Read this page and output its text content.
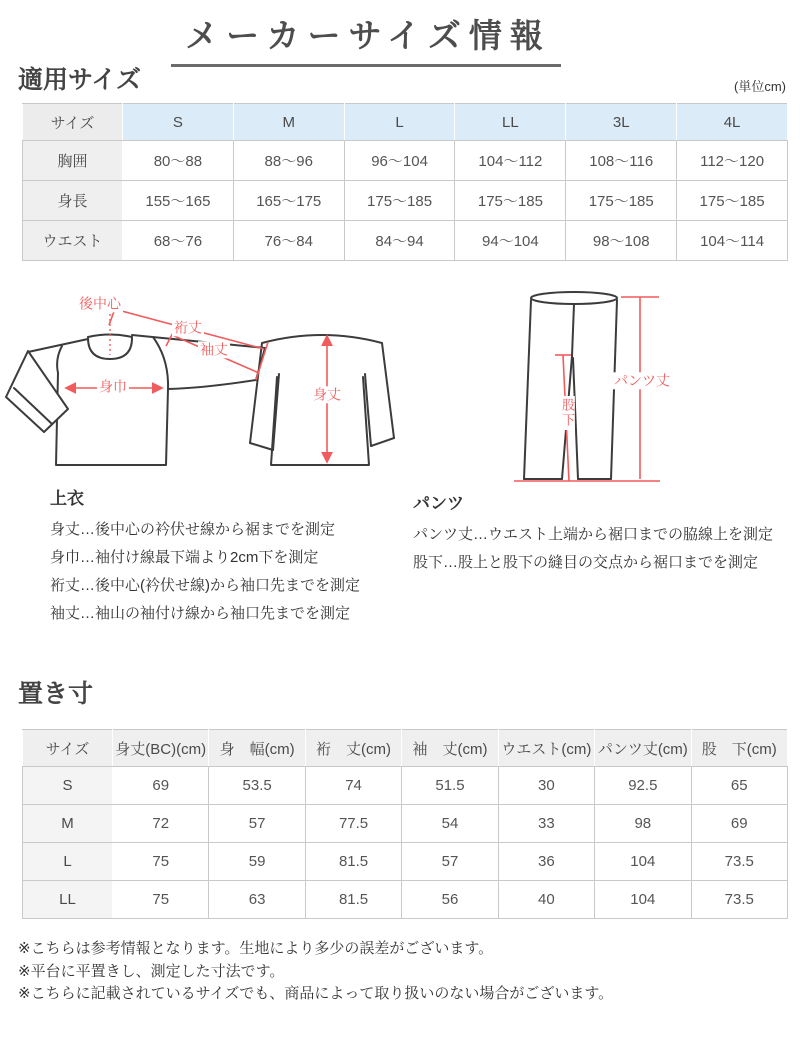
メーカーサイズ情報
適用サイズ	(単位cm)
サイズ	S	M	L	LL	3L	4L
胸囲	80〜88	88〜96	96〜104	104〜112	108〜116	112〜120
身長	155〜165	165〜175	175〜185	175〜185	175〜185	175〜185
ウエスト	68〜76	76〜84	84〜94	94〜104	98〜108	104〜114
後中心
裄丈
袖丈
身巾	身丈
パンツ丈
股下
上衣

身丈…後中心の衿伏せ線から裾までを測定

身巾…袖付け線最下端より2cm下を測定

裄丈…後中心(衿伏せ線)から袖口先までを測定

袖丈…袖山の袖付け線から袖口先までを測定

パンツ

パンツ丈…ウエスト上端から裾口までの脇線上を測定

股下…股上と股下の縫目の交点から裾口までを測定

置き寸
サイズ	身丈(BC)(cm)	身　幅(cm)	裄　丈(cm)	袖　丈(cm)	ウエスト(cm)	パンツ丈(cm)	股　下(cm)
S	69	53.5	74	51.5	30	92.5	65
M	72	57	77.5	54	33	98	69
L	75	59	81.5	57	36	104	73.5
LL	75	63	81.5	56	40	104	73.5
※こちらは参考情報となります。生地により多少の誤差がございます。
※平台に平置きし、測定した寸法です。
※こちらに記載されているサイズでも、商品によって取り扱いのない場合がございます。
